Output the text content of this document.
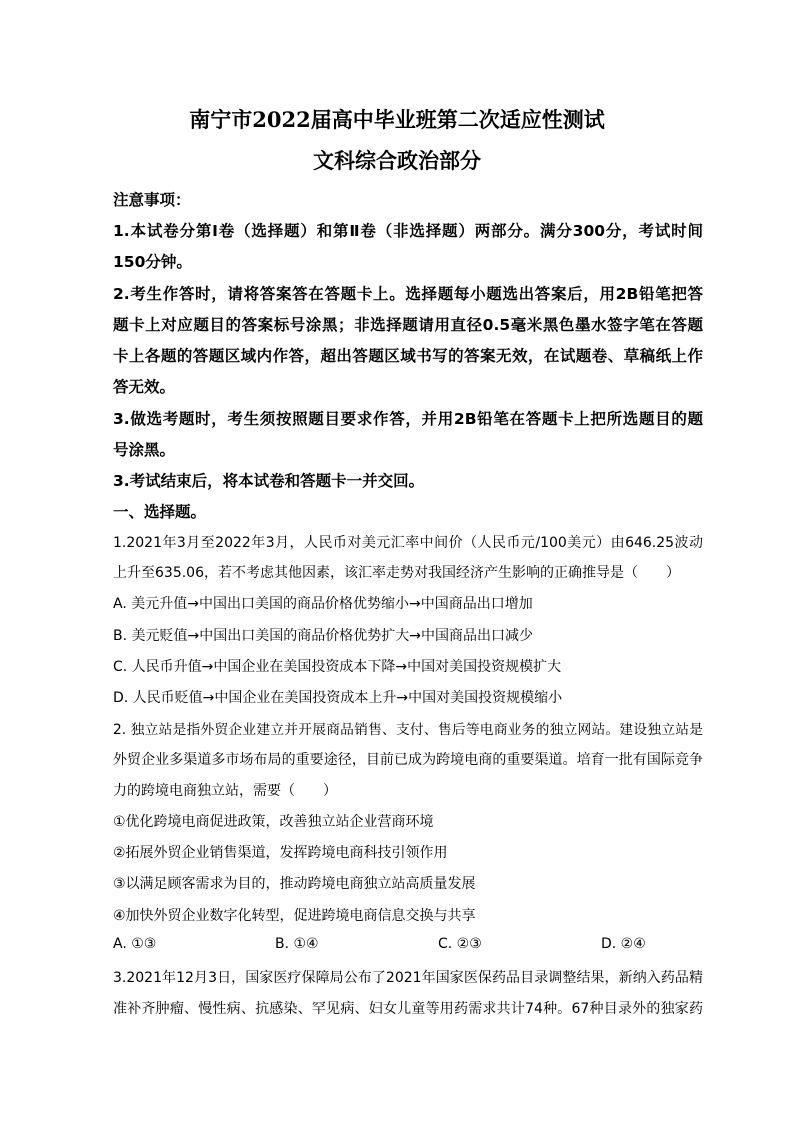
南宁市2022届高中毕业班第二次适应性测试
文科综合政治部分
注意事项：
1.本试卷分第Ⅰ卷（选择题）和第Ⅱ卷（非选择题）两部分。满分300分，考试时间
150分钟。
2.考生作答时，请将答案答在答题卡上。选择题每小题选出答案后，用2B铅笔把答
题卡上对应题目的答案标号涂黑；非选择题请用直径0.5毫米黑色墨水签字笔在答题
卡上各题的答题区域内作答，超出答题区域书写的答案无效，在试题卷、草稿纸上作
答无效。
3.做选考题时，考生须按照题目要求作答，并用2B铅笔在答题卡上把所选题目的题
号涂黑。
3.考试结束后，将本试卷和答题卡一并交回。
一、选择题。
1.2021年3月至2022年3月，人民币对美元汇率中间价（人民币元/100美元）由646.25波动
上升至635.06，若不考虑其他因素，该汇率走势对我国经济产生影响的正确推导是（　　）
A. 美元升值→中国出口美国的商品价格优势缩小→中国商品出口增加
B. 美元贬值→中国出口美国的商品价格优势扩大→中国商品出口减少
C. 人民币升值→中国企业在美国投资成本下降→中国对美国投资规模扩大
D. 人民币贬值→中国企业在美国投资成本上升→中国对美国投资规模缩小
2. 独立站是指外贸企业建立并开展商品销售、支付、售后等电商业务的独立网站。建设独立站是
外贸企业多渠道多市场布局的重要途径，目前已成为跨境电商的重要渠道。培育一批有国际竞争
力的跨境电商独立站，需要（　　）
①优化跨境电商促进政策，改善独立站企业营商环境
②拓展外贸企业销售渠道，发挥跨境电商科技引领作用
③以满足顾客需求为目的，推动跨境电商独立站高质量发展
④加快外贸企业数字化转型，促进跨境电商信息交换与共享
A. ①③	B. ①④	C. ②③	D. ②④
3.2021年12月3日，国家医疗保障局公布了2021年国家医保药品目录调整结果，新纳入药品精
准补齐肿瘤、慢性病、抗感染、罕见病、妇女儿童等用药需求共计74种。67种目录外的独家药
